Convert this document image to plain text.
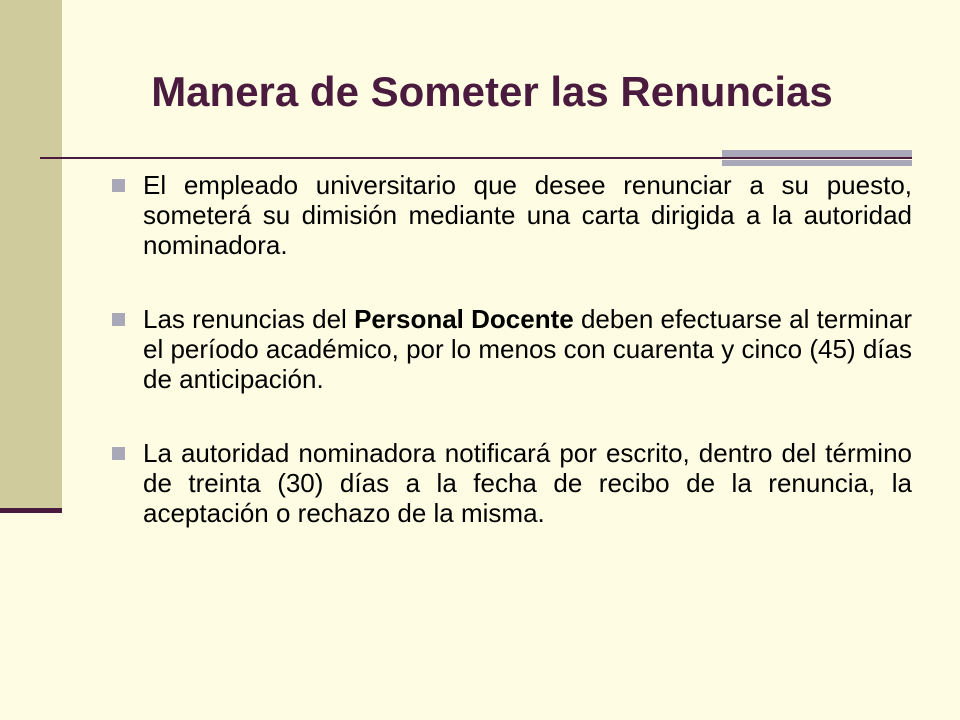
Manera de Someter las Renuncias
El empleado universitario que desee renunciar a su puesto, someterá su dimisión mediante una carta dirigida a la autoridad nominadora.
Las renuncias del Personal Docente deben efectuarse al terminar el período académico, por lo menos con cuarenta y cinco (45) días de anticipación.
La autoridad nominadora notificará por escrito, dentro del término de treinta (30) días a la fecha de recibo de la renuncia, la aceptación o rechazo de la misma.
